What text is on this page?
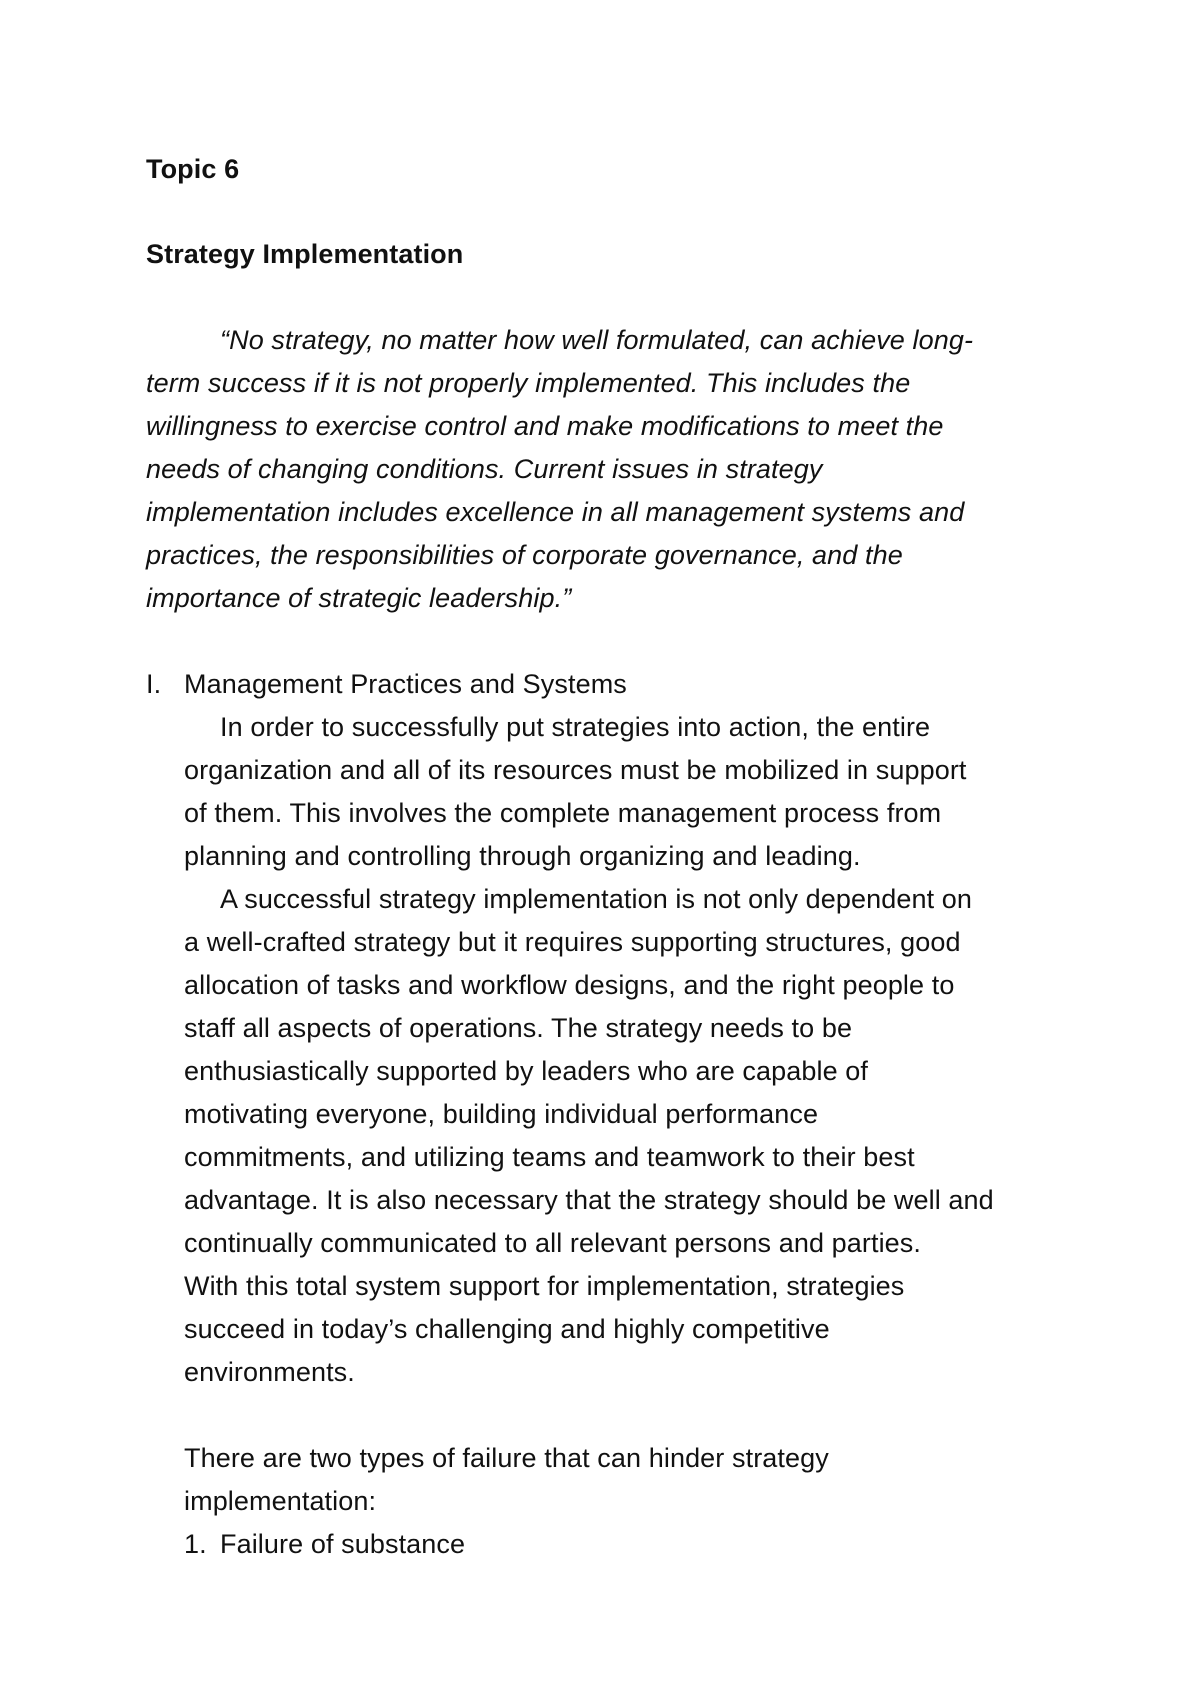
Topic 6
Strategy Implementation
“No strategy, no matter how well formulated, can achieve long-
term success if it is not properly implemented. This includes the
willingness to exercise control and make modifications to meet the
needs of changing conditions. Current issues in strategy
implementation includes excellence in all management systems and
practices, the responsibilities of corporate governance, and the
importance of strategic leadership.”
I. Management Practices and Systems
In order to successfully put strategies into action, the entire
organization and all of its resources must be mobilized in support
of them. This involves the complete management process from
planning and controlling through organizing and leading.
A successful strategy implementation is not only dependent on
a well-crafted strategy but it requires supporting structures, good
allocation of tasks and workflow designs, and the right people to
staff all aspects of operations. The strategy needs to be
enthusiastically supported by leaders who are capable of
motivating everyone, building individual performance
commitments, and utilizing teams and teamwork to their best
advantage. It is also necessary that the strategy should be well and
continually communicated to all relevant persons and parties.
With this total system support for implementation, strategies
succeed in today’s challenging and highly competitive
environments.
There are two types of failure that can hinder strategy
implementation:
1. Failure of substance
